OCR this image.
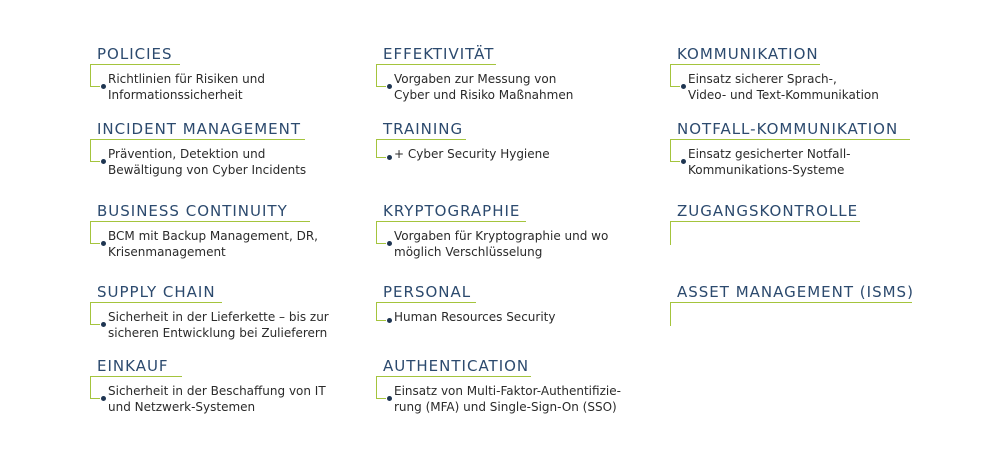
POLICIES
Richtlinien für Risiken und
Informationssicherheit
INCIDENT MANAGEMENT
Prävention, Detektion und
Bewältigung von Cyber Incidents
BUSINESS CONTINUITY
BCM mit Backup Management, DR,
Krisenmanagement
SUPPLY CHAIN
Sicherheit in der Lieferkette – bis zur
sicheren Entwicklung bei Zulieferern
EINKAUF
Sicherheit in der Beschaffung von IT
und Netzwerk-Systemen
EFFEKTIVITÄT
Vorgaben zur Messung von
Cyber und Risiko Maßnahmen
TRAINING
+ Cyber Security Hygiene
KRYPTOGRAPHIE
Vorgaben für Kryptographie und wo
möglich Verschlüsselung
PERSONAL
Human Resources Security
AUTHENTICATION
Einsatz von Multi-Faktor-Authentifizie-
rung (MFA) und Single-Sign-On (SSO)
KOMMUNIKATION
Einsatz sicherer Sprach-,
Video- und Text-Kommunikation
NOTFALL-KOMMUNIKATION
Einsatz gesicherter Notfall-
Kommunikations-Systeme
ZUGANGSKONTROLLE
ASSET MANAGEMENT (ISMS)
